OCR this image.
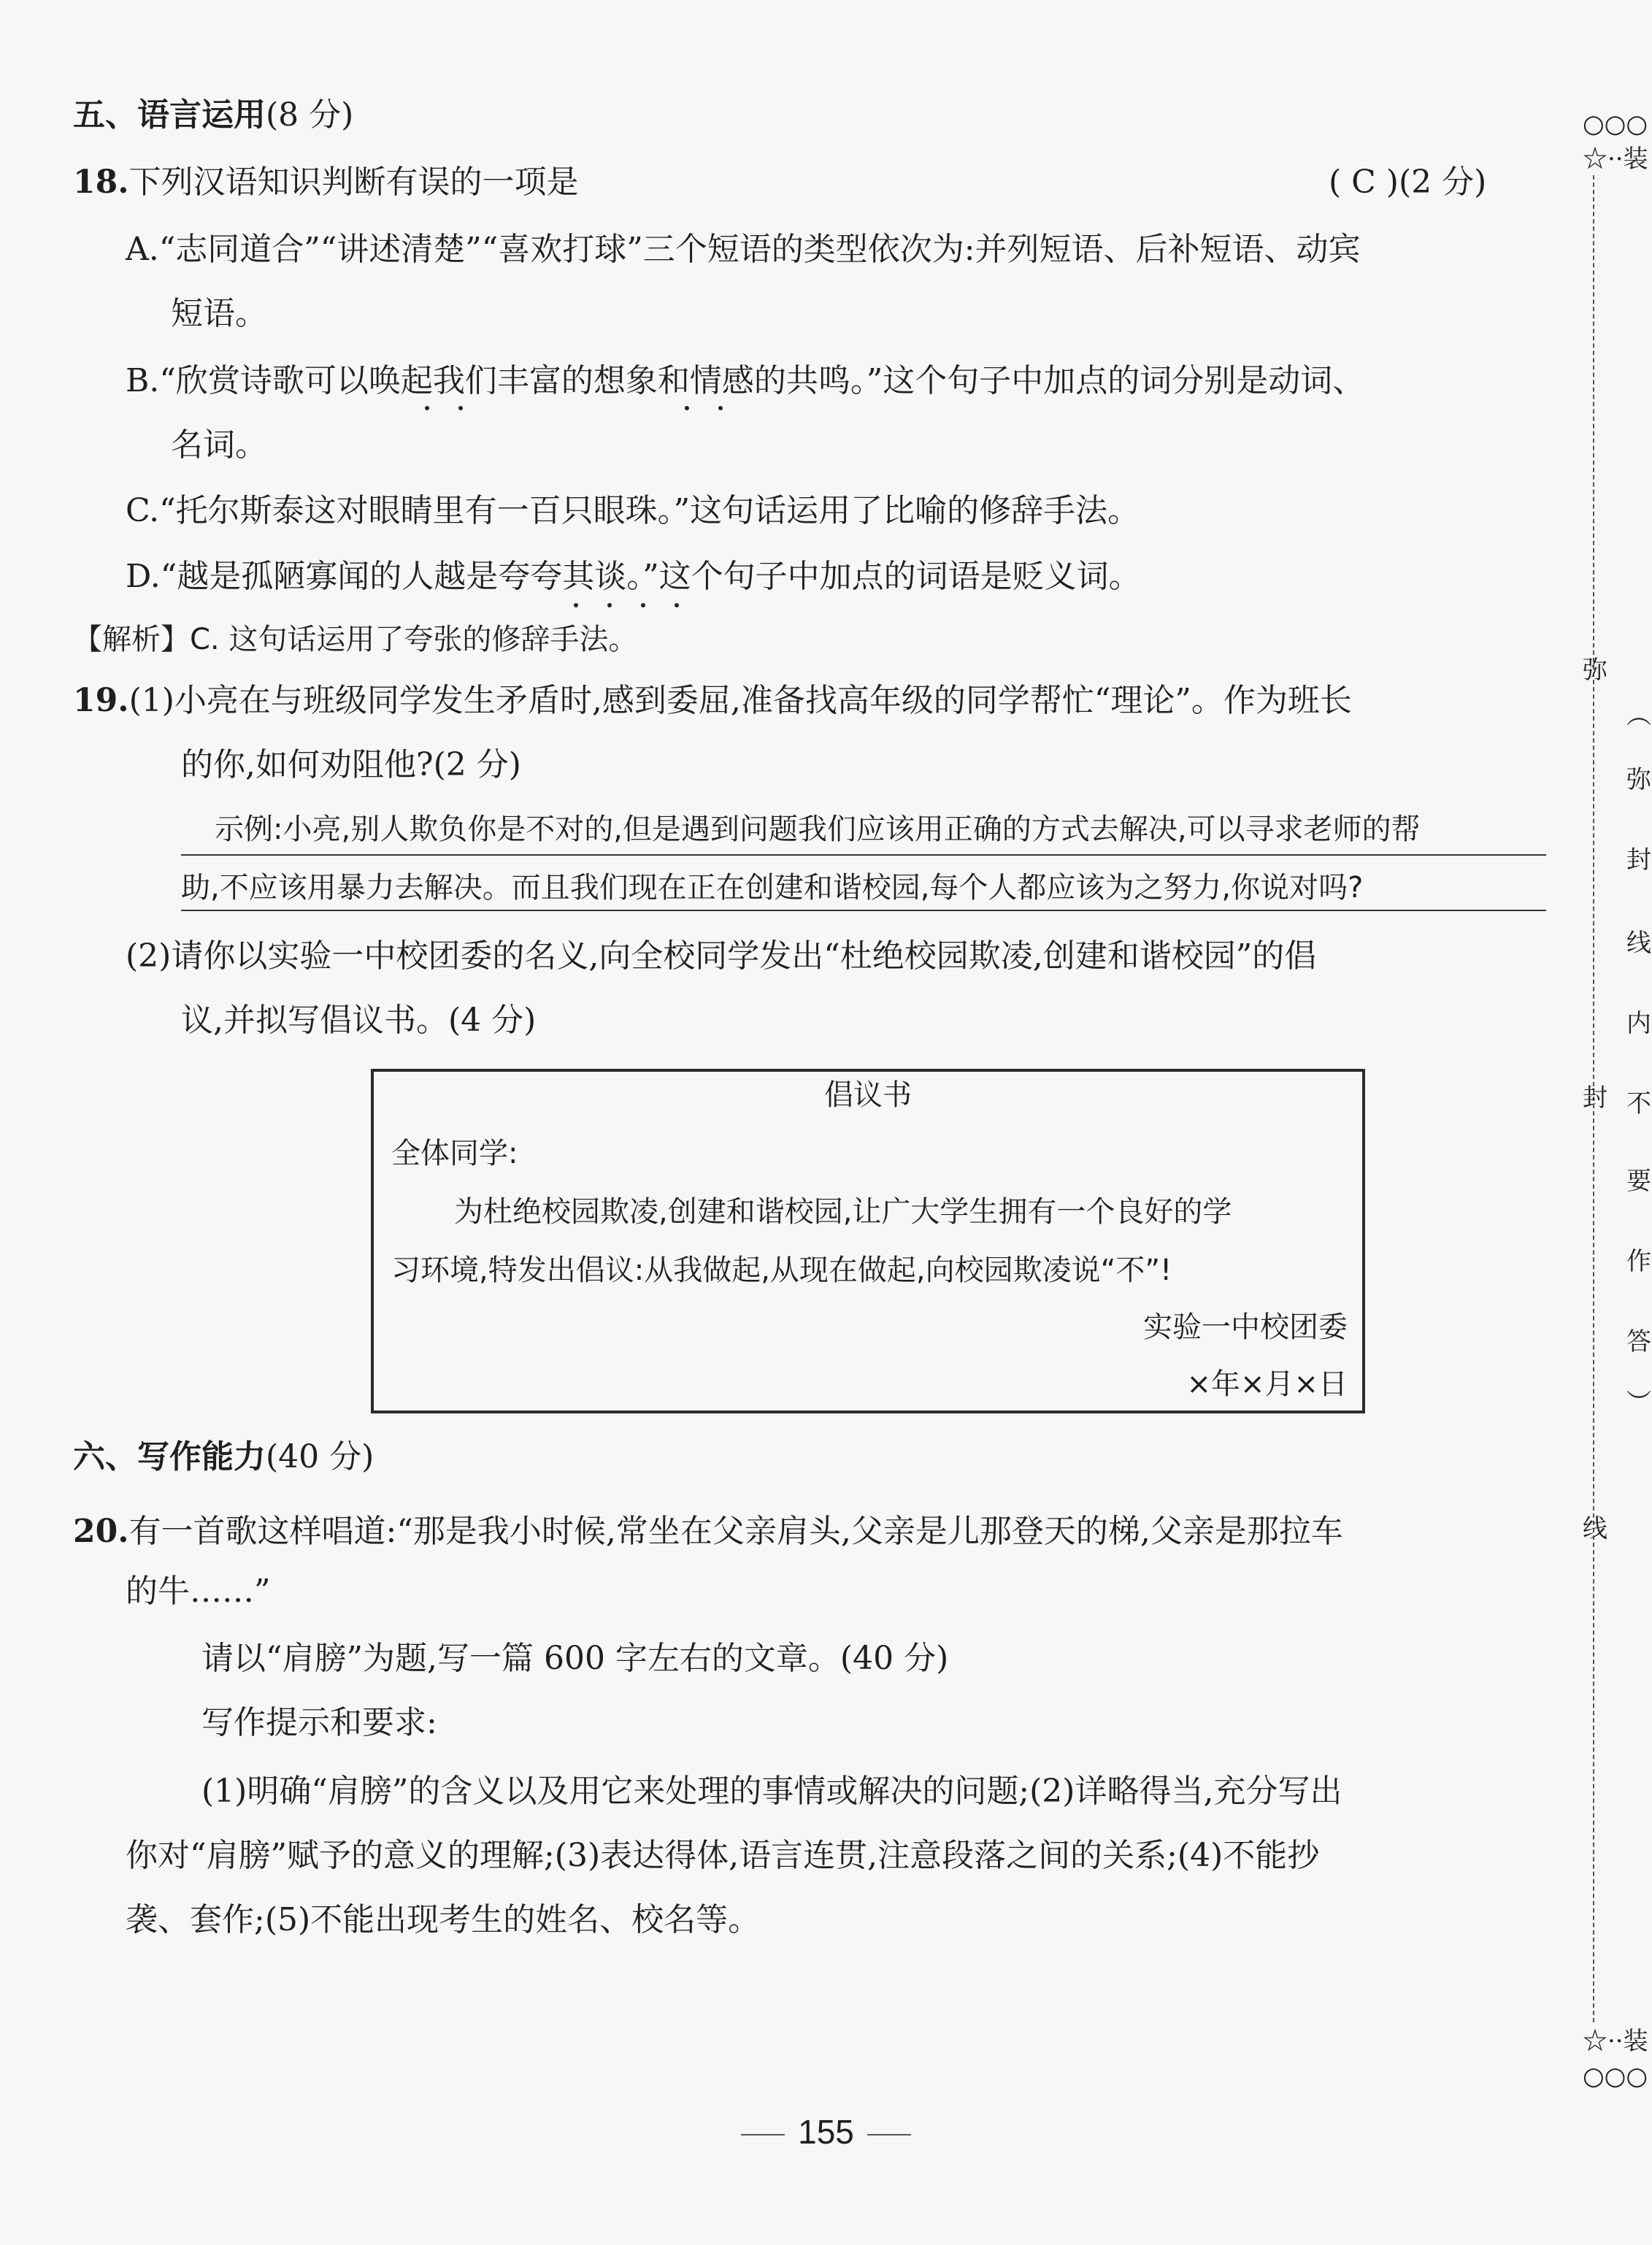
五、语言运用(8 分)
18.下列汉语知识判断有误的一项是	( C )(2 分)
A.“志同道合”“讲述清楚”“喜欢打球”三个短语的类型依次为:并列短语、后补短语、动宾
短语。
B.“欣赏诗歌可以唤起我们丰富的想象和情感的共鸣。”这个句子中加点的词分别是动词、
名词。
C.“托尔斯泰这对眼睛里有一百只眼珠。”这句话运用了比喻的修辞手法。
D.“越是孤陋寡闻的人越是夸夸其谈。”这个句子中加点的词语是贬义词。
【解析】C. 这句话运用了夸张的修辞手法。
19.(1)小亮在与班级同学发生矛盾时,感到委屈,准备找高年级的同学帮忙“理论”。作为班长
的你,如何劝阻他?(2 分)
示例:小亮,别人欺负你是不对的,但是遇到问题我们应该用正确的方式去解决,可以寻求老师的帮
助,不应该用暴力去解决。而且我们现在正在创建和谐校园,每个人都应该为之努力,你说对吗?
(2)请你以实验一中校团委的名义,向全校同学发出“杜绝校园欺凌,创建和谐校园”的倡
议,并拟写倡议书。(4 分)
倡议书
全体同学:
为杜绝校园欺凌,创建和谐校园,让广大学生拥有一个良好的学
习环境,特发出倡议:从我做起,从现在做起,向校园欺凌说“不”!
实验一中校团委
×年×月×日
六、写作能力(40 分)
20.有一首歌这样唱道:“那是我小时候,常坐在父亲肩头,父亲是儿那登天的梯,父亲是那拉车
的牛……”
请以“肩膀”为题,写一篇 600 字左右的文章。(40 分)
写作提示和要求:
(1)明确“肩膀”的含义以及用它来处理的事情或解决的问题;(2)详略得当,充分写出
你对“肩膀”赋予的意义的理解;(3)表达得体,语言连贯,注意段落之间的关系;(4)不能抄
袭、套作;(5)不能出现考生的姓名、校名等。
○○○
☆··装
弥
︵
弥
封
线
内
封 不
要
作
答
︶
线
☆··装
○○○
155
